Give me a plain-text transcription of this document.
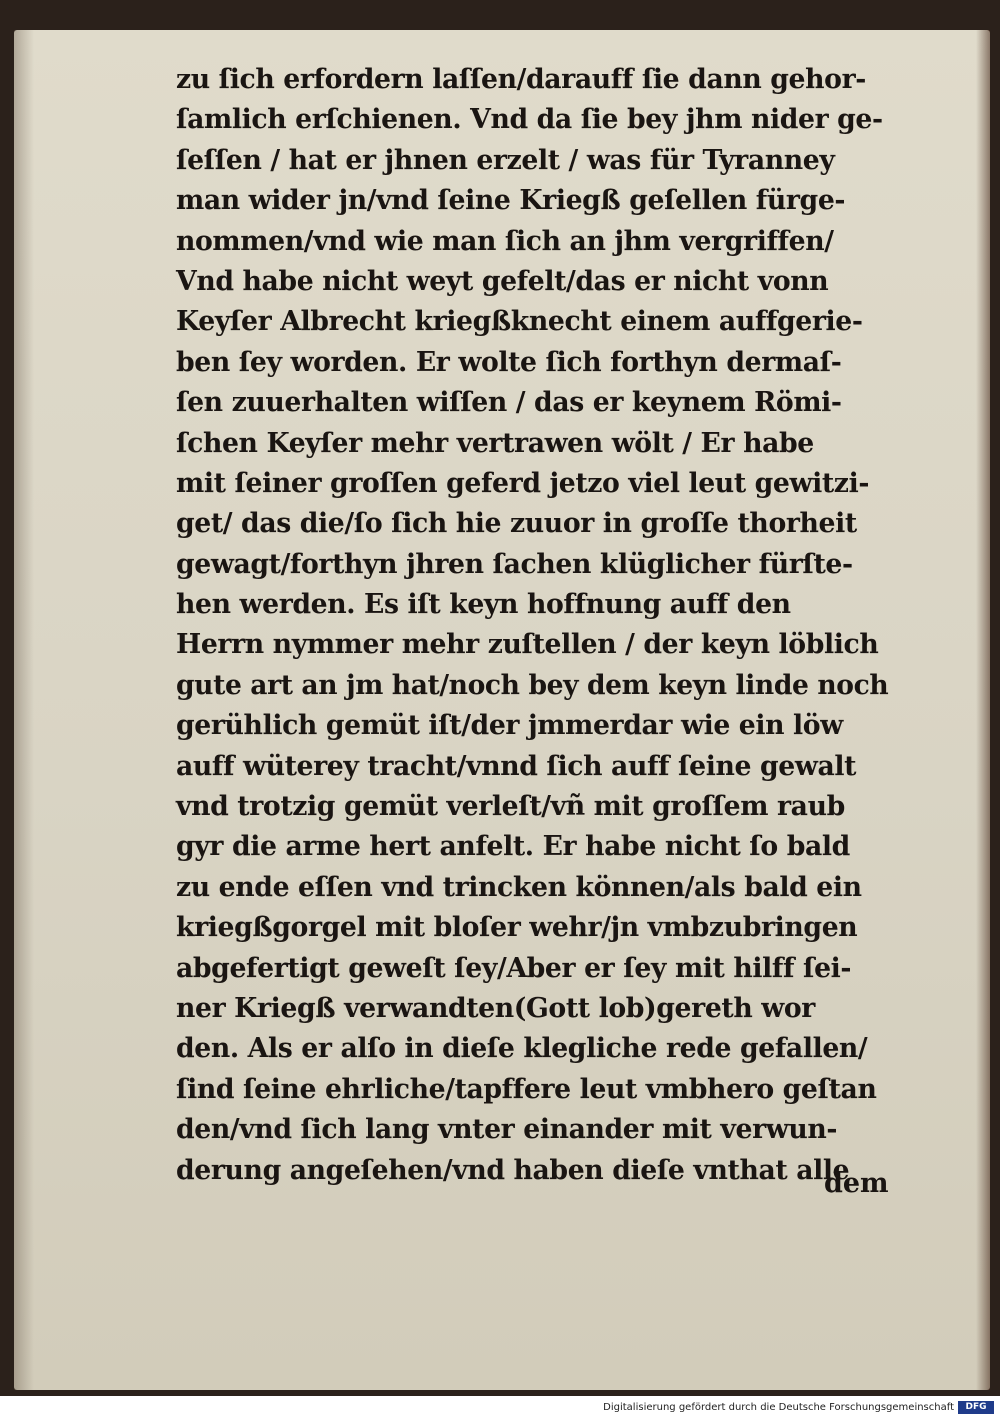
zu ſich erfordern laſſen/darauff ſie dann gehor-
ſamlich erſchienen. Vnd da ſie bey jhm nider ge-
ſeſſen / hat er jhnen erzelt / was für Tyranney
man wider jn/vnd ſeine Kriegß geſellen fürge-
nommen/vnd wie man ſich an jhm vergriffen/
Vnd habe nicht weyt gefelt/das er nicht vonn
Keyſer Albrecht kriegßknecht einem auffgerie-
ben ſey worden. Er wolte ſich forthyn dermaſ-
ſen zuuerhalten wiſſen / das er keynem Römi-
ſchen Keyſer mehr vertrawen wölt / Er habe
mit ſeiner groſſen geferd jetzo viel leut gewitzi-
get/ das die/ſo ſich hie zuuor in groſſe thorheit
gewagt/forthyn jhren ſachen klüglicher fürſte-
hen werden. Es iſt keyn hoffnung auff den
Herrn nymmer mehr zuſtellen / der keyn löblich
gute art an jm hat/noch bey dem keyn linde noch
gerühlich gemüt iſt/der jmmerdar wie ein löw
auff wüterey tracht/vnnd ſich auff ſeine gewalt
vnd trotzig gemüt verleſt/vñ mit groſſem raub
gyr die arme hert anfelt. Er habe nicht ſo bald
zu ende eſſen vnd trincken können/als bald ein
kriegßgorgel mit bloſer wehr/jn vmbzubringen
abgefertigt geweſt ſey/Aber er ſey mit hilff ſei-
ner Kriegß verwandten(Gott lob)gereth wor
den. Als er alſo in dieſe klegliche rede gefallen/
ſind ſeine ehrliche/tapffere leut vmbhero geſtan
den/vnd ſich lang vnter einander mit verwun-
derung angeſehen/vnd haben dieſe vnthat alle
dem
Digitalisierung gefördert durch die Deutsche Forschungsgemeinschaft	DFG
